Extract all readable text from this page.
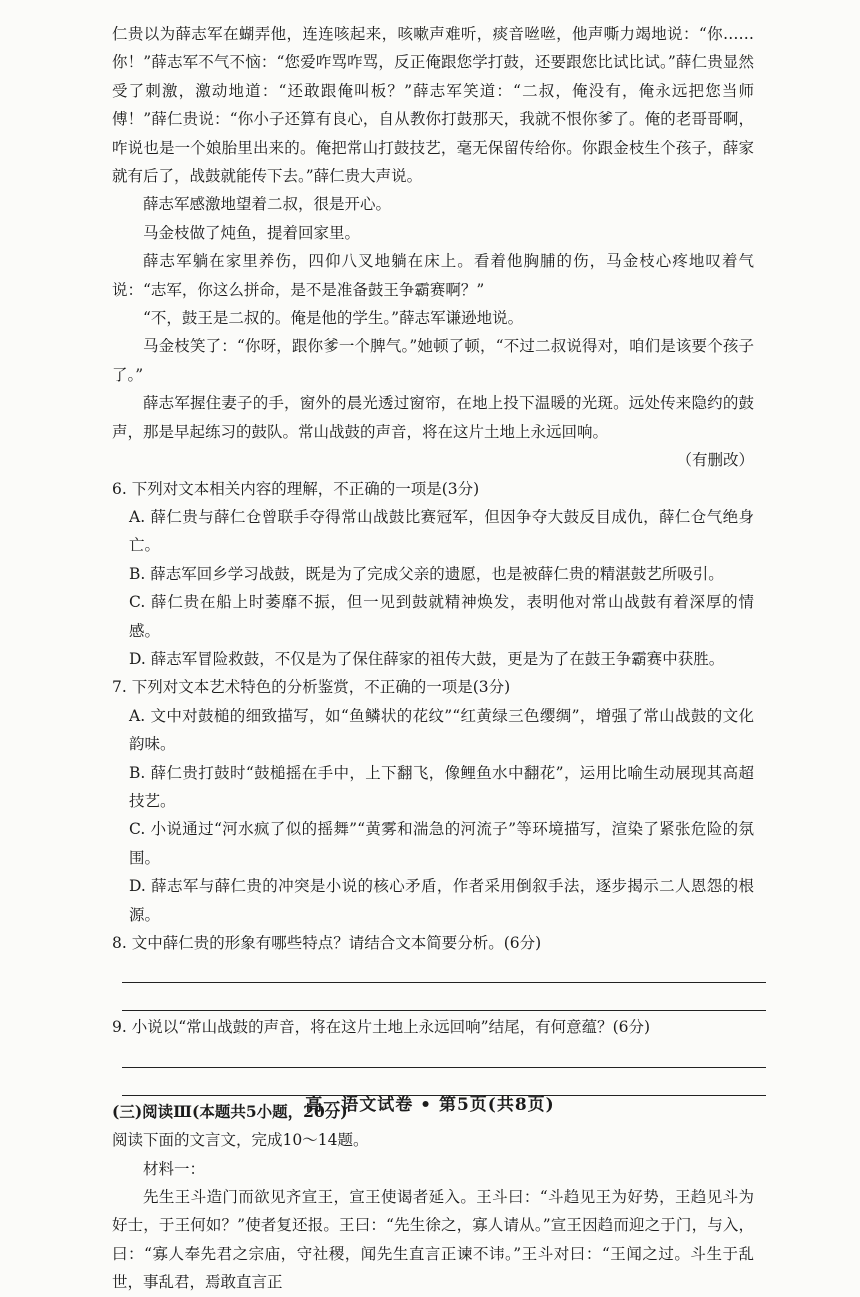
仁贵以为薛志军在蝴弄他，连连咳起来，咳嗽声难听，痰音咝咝，他声嘶力竭地说：“你……你！”薛志军不气不恼：“您爱咋骂咋骂，反正俺跟您学打鼓，还要跟您比试比试。”薛仁贵显然受了刺激，激动地道：“还敢跟俺叫板？”薛志军笑道：“二叔，俺没有，俺永远把您当师傅！”薛仁贵说：“你小子还算有良心，自从教你打鼓那天，我就不恨你爹了。俺的老哥哥啊，咋说也是一个娘胎里出来的。俺把常山打鼓技艺，毫无保留传给你。你跟金枝生个孩子，薛家就有后了，战鼓就能传下去。”薛仁贵大声说。

薛志军感激地望着二叔，很是开心。

马金枝做了炖鱼，提着回家里。

薛志军躺在家里养伤，四仰八叉地躺在床上。看着他胸脯的伤，马金枝心疼地叹着气说：“志军，你这么拼命，是不是准备鼓王争霸赛啊？”

“不，鼓王是二叔的。俺是他的学生。”薛志军谦逊地说。

马金枝笑了：“你呀，跟你爹一个脾气。”她顿了顿，“不过二叔说得对，咱们是该要个孩子了。”

薛志军握住妻子的手，窗外的晨光透过窗帘，在地上投下温暖的光斑。远处传来隐约的鼓声，那是早起练习的鼓队。常山战鼓的声音，将在这片土地上永远回响。

（有删改）

6. 下列对文本相关内容的理解，不正确的一项是(3分)

A. 薛仁贵与薛仁仓曾联手夺得常山战鼓比赛冠军，但因争夺大鼓反目成仇，薛仁仓气绝身亡。

B. 薛志军回乡学习战鼓，既是为了完成父亲的遗愿，也是被薛仁贵的精湛鼓艺所吸引。

C. 薛仁贵在船上时萎靡不振，但一见到鼓就精神焕发，表明他对常山战鼓有着深厚的情感。

D. 薛志军冒险救鼓，不仅是为了保住薛家的祖传大鼓，更是为了在鼓王争霸赛中获胜。

7. 下列对文本艺术特色的分析鉴赏，不正确的一项是(3分)

A. 文中对鼓槌的细致描写，如“鱼鳞状的花纹”“红黄绿三色缨绸”，增强了常山战鼓的文化韵味。

B. 薛仁贵打鼓时“鼓槌摇在手中，上下翻飞，像鲤鱼水中翻花”，运用比喻生动展现其高超技艺。

C. 小说通过“河水疯了似的摇舞”“黄雾和湍急的河流子”等环境描写，渲染了紧张危险的氛围。

D. 薛志军与薛仁贵的冲突是小说的核心矛盾，作者采用倒叙手法，逐步揭示二人恩怨的根源。

8. 文中薛仁贵的形象有哪些特点？请结合文本简要分析。(6分)

9. 小说以“常山战鼓的声音，将在这片土地上永远回响”结尾，有何意蕴？(6分)

(三)阅读Ⅲ(本题共5小题，20分)

阅读下面的文言文，完成10～14题。

材料一：

先生王斗造门而欲见齐宣王，宣王使谒者延入。王斗曰：“斗趋见王为好势，王趋见斗为好士，于王何如？”使者复还报。王曰：“先生徐之，寡人请从。”宣王因趋而迎之于门，与入，曰：“寡人奉先君之宗庙，守社稷，闻先生直言正谏不讳。”王斗对曰：“王闻之过。斗生于乱世，事乱君，焉敢直言正

高一语文试卷 • 第5页(共8页)
